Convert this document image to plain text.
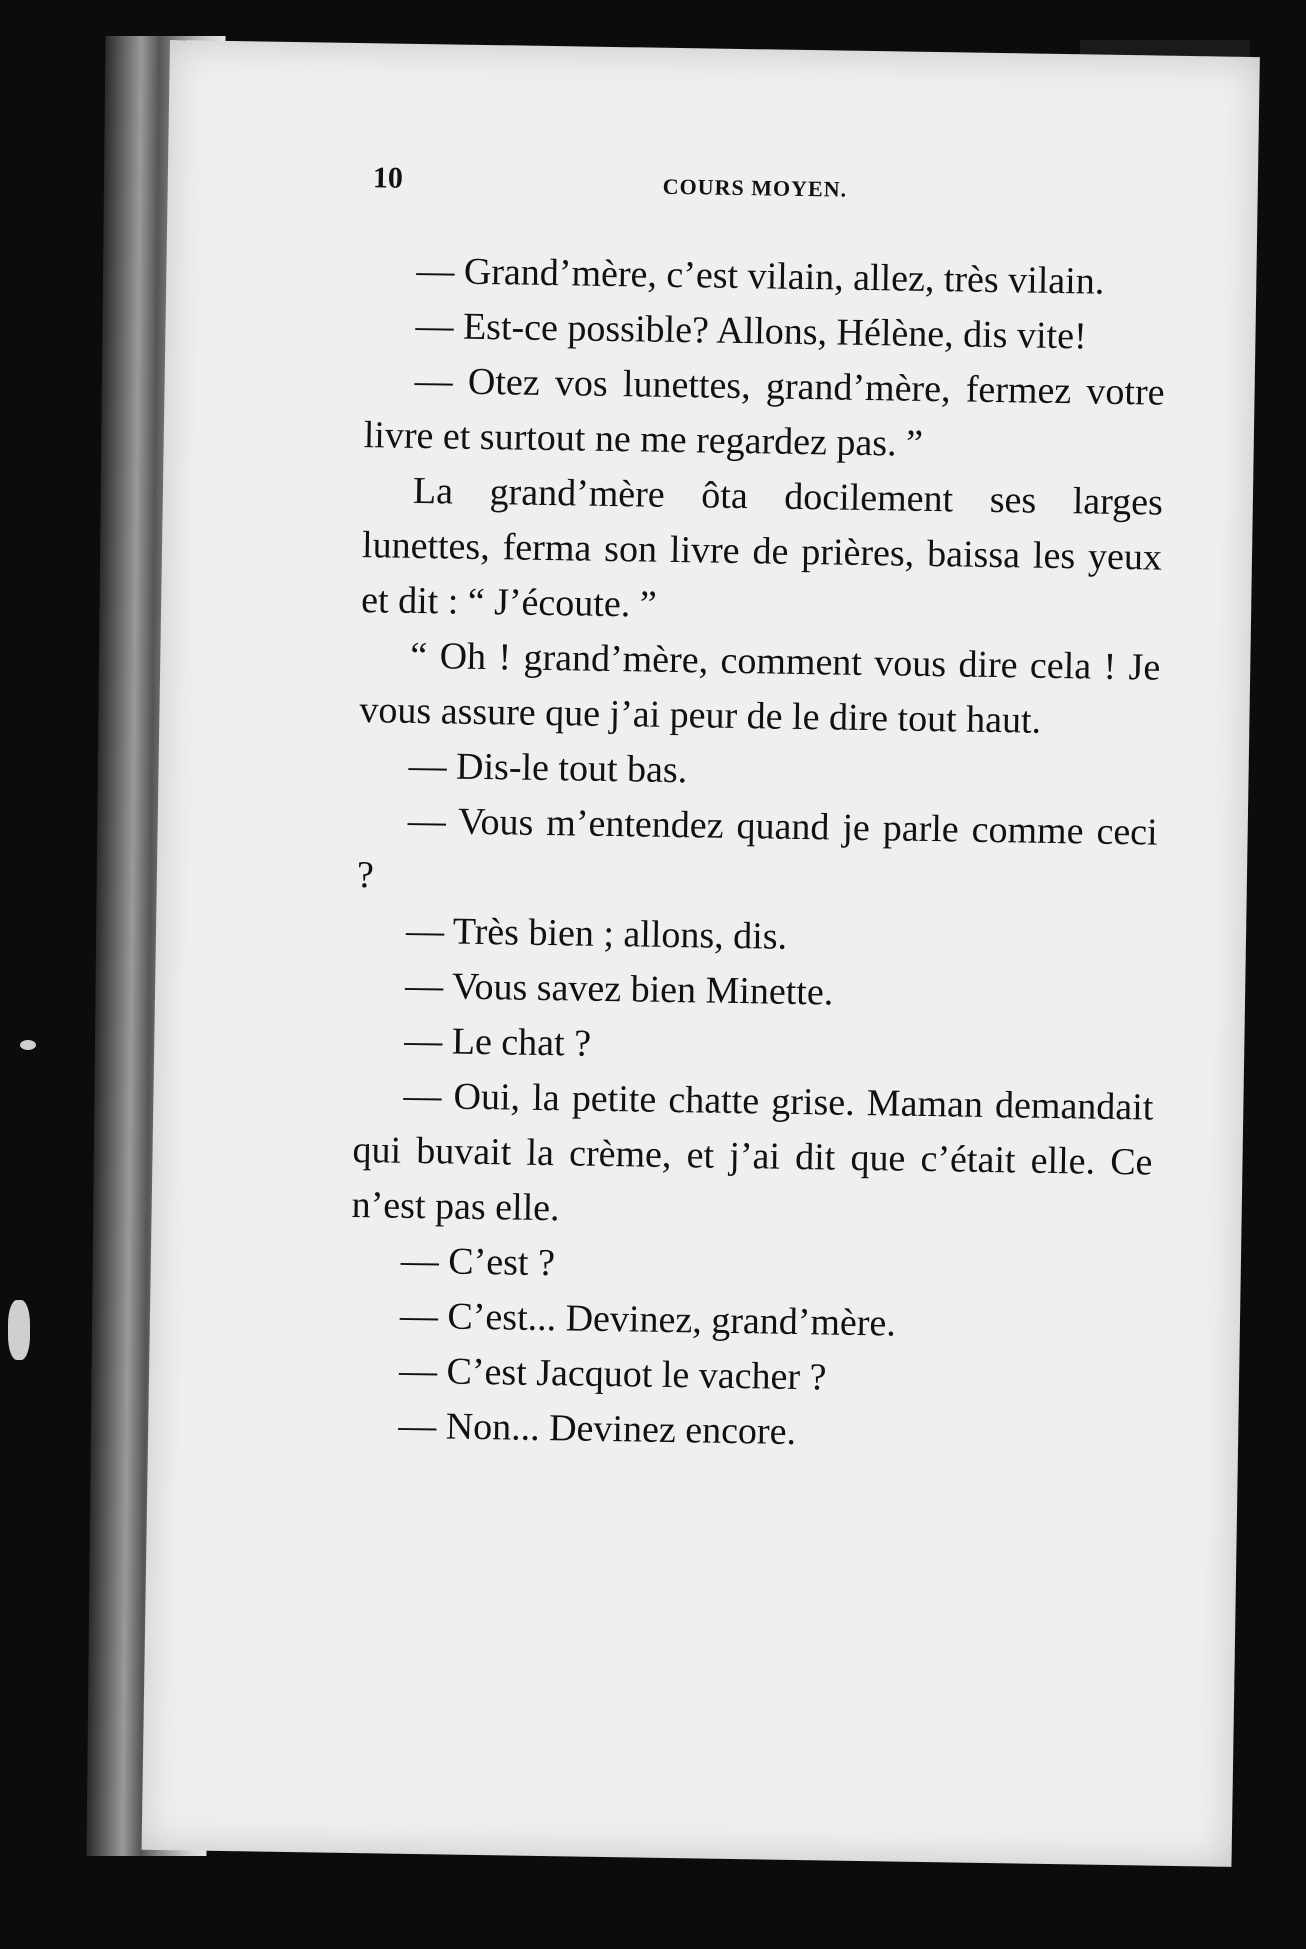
10	COURS MOYEN.

— Grand’mère, c’est vilain, allez, très vilain.

— Est-ce possible? Allons, Hélène, dis vite!

— Otez vos lunettes, grand’mère, fermez votre livre et surtout ne me regardez pas. ”

La grand’mère ôta docilement ses larges lunettes, ferma son livre de prières, baissa les yeux et dit : “ J’écoute. ”

“ Oh ! grand’mère, comment vous dire cela ! Je vous assure que j’ai peur de le dire tout haut.

— Dis-le tout bas.

— Vous m’entendez quand je parle comme ceci ?

— Très bien ; allons, dis.

— Vous savez bien Minette.

— Le chat ?

— Oui, la petite chatte grise. Maman demandait qui buvait la crème, et j’ai dit que c’était elle. Ce n’est pas elle.

— C’est ?

— C’est... Devinez, grand’mère.

— C’est Jacquot le vacher ?

— Non... Devinez encore.
